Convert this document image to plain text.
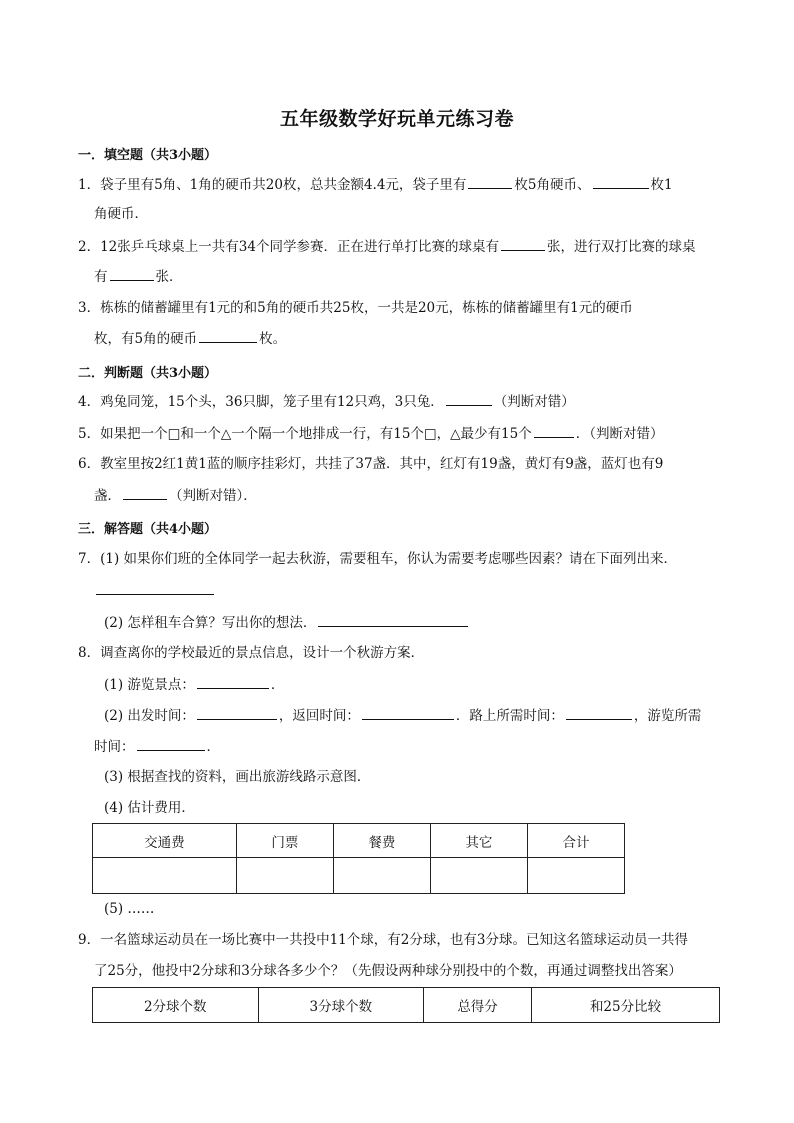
五年级数学好玩单元练习卷
一．填空题（共3小题）
1．袋子里有5角、1角的硬币共20枚，总共金额4.4元，袋子里有	枚5角硬币、	枚1
角硬币．
2．12张乒乓球桌上一共有34个同学参赛．正在进行单打比赛的球桌有	张，进行双打比赛的球桌
有	张．
3．栋栋的储蓄罐里有1元的和5角的硬币共25枚，一共是20元，栋栋的储蓄罐里有1元的硬币
枚，有5角的硬币	枚。
二．判断题（共3小题）
4．鸡兔同笼，15个头，36只脚，笼子里有12只鸡，3只兔．	（判断对错）
5．如果把一个□和一个△一个隔一个地排成一行，有15个□，△最少有15个	．（判断对错）
6．教室里按2红1黄1蓝的顺序挂彩灯，共挂了37盏．其中，红灯有19盏，黄灯有9盏，蓝灯也有9
盏．	（判断对错）．
三．解答题（共4小题）
7．(1) 如果你们班的全体同学一起去秋游，需要租车，你认为需要考虑哪些因素？请在下面列出来．
(2) 怎样租车合算？写出你的想法．
8．调查离你的学校最近的景点信息，设计一个秋游方案．
(1) 游览景点：	．
(2) 出发时间：	，返回时间：	．路上所需时间：	，游览所需
时间：	．
(3) 根据查找的资料，画出旅游线路示意图．
(4) 估计费用．
交通费	门票	餐费	其它	合计

(5) ……
9．一名篮球运动员在一场比赛中一共投中11个球，有2分球，也有3分球。已知这名篮球运动员一共得
了25分，他投中2分球和3分球各多少个？（先假设两种球分别投中的个数，再通过调整找出答案）
2分球个数	3分球个数	总得分	和25分比较
